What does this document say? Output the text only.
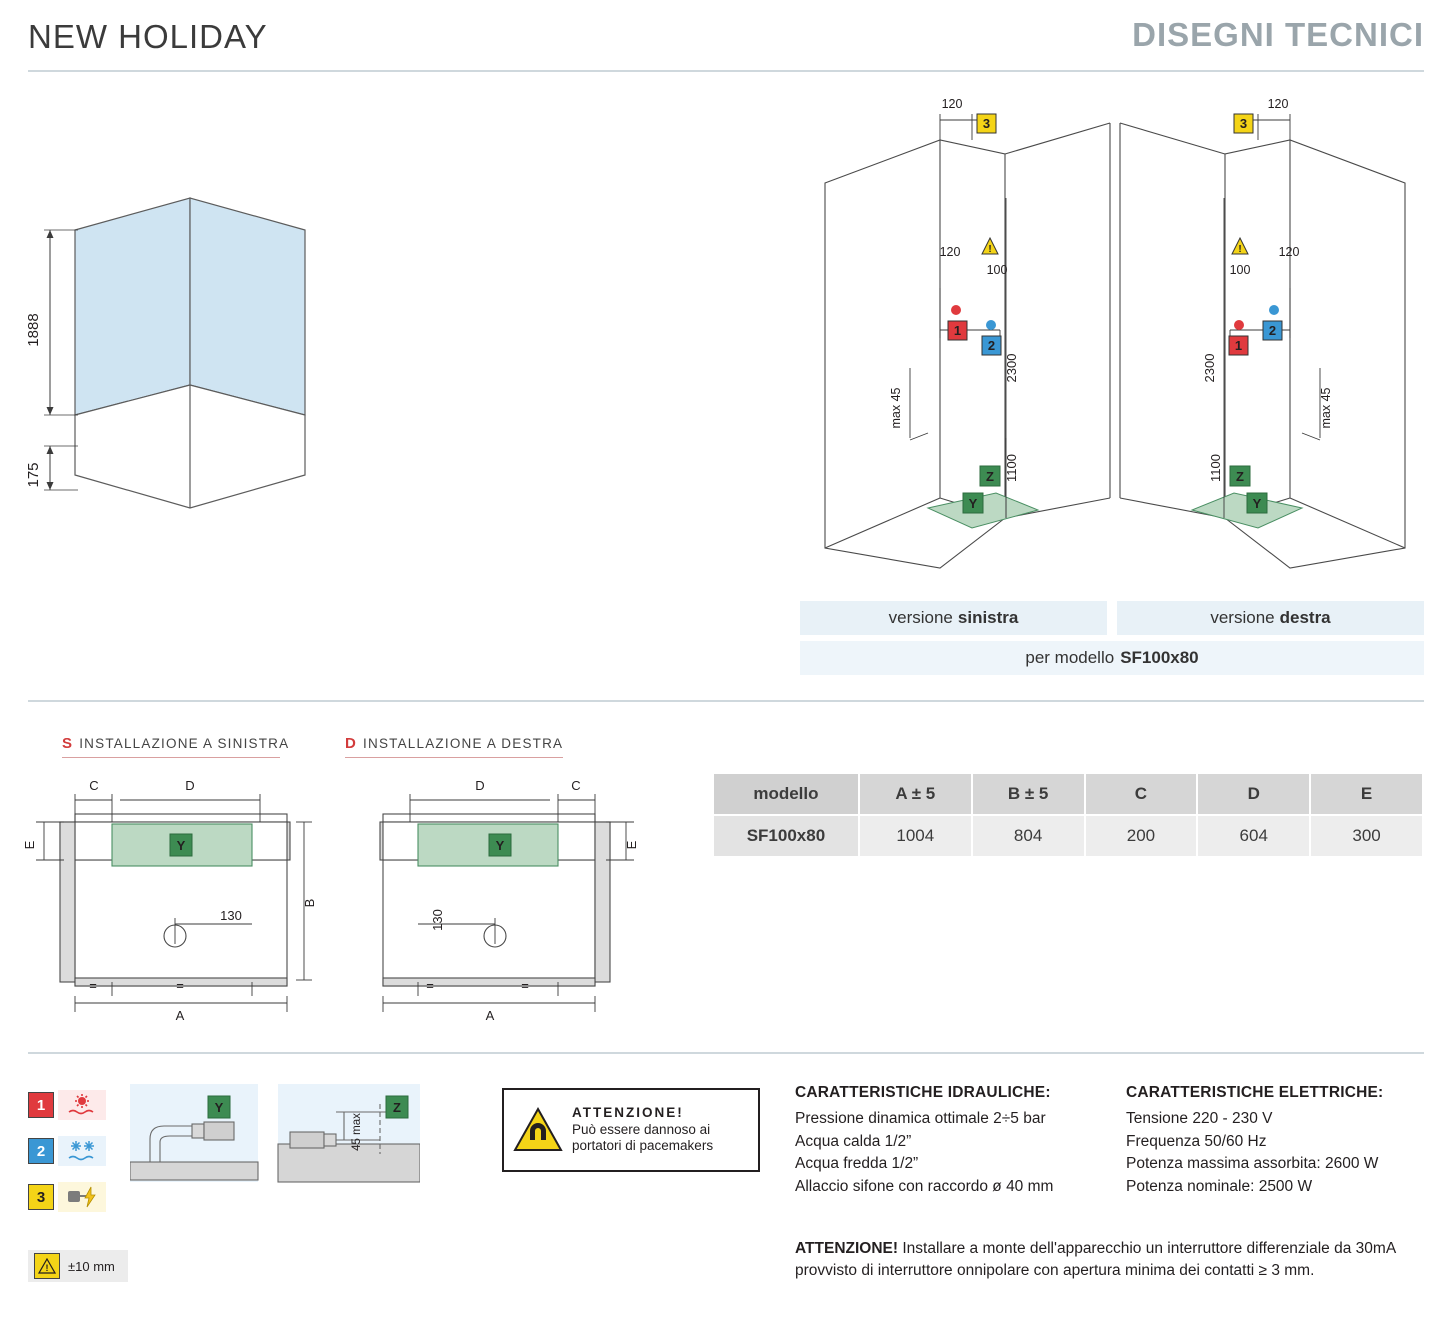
NEW HOLIDAY	DISEGNI TECNICI
1888
175
120
120
100
2300
1100
max 45
3
1
2
!
Z
Y
120
120
100
2300
1100
max 45
3
2
1
!
Z
Y
versione sinistra	versione destra
per modello SF100x80
S INSTALLAZIONE A SINISTRA	D INSTALLAZIONE A DESTRA
Y
C	D
E
B
130
A
=	=
Y
C
D
E
130
A
=	=
modello	A ± 5	B ± 5	C	D	E
SF100x80	1004	804	200	604	300
1
2
3
! ±10 mm
Y
45 max
Z	ATTENZIONE!
Può essere dannoso ai
portatori di pacemakers
CARATTERISTICHE IDRAULICHE:
Pressione dinamica ottimale 2÷5 bar
Acqua calda 1/2”
Acqua fredda 1/2”
Allaccio sifone con raccordo ø 40 mm
CARATTERISTICHE ELETTRICHE:
Tensione 220 - 230 V
Frequenza 50/60 Hz
Potenza massima assorbita: 2600 W
Potenza nominale: 2500 W
ATTENZIONE! Installare a monte dell'apparecchio un interruttore differenziale da 30mA provvisto di interruttore onnipolare con apertura minima dei contatti ≥ 3 mm.
